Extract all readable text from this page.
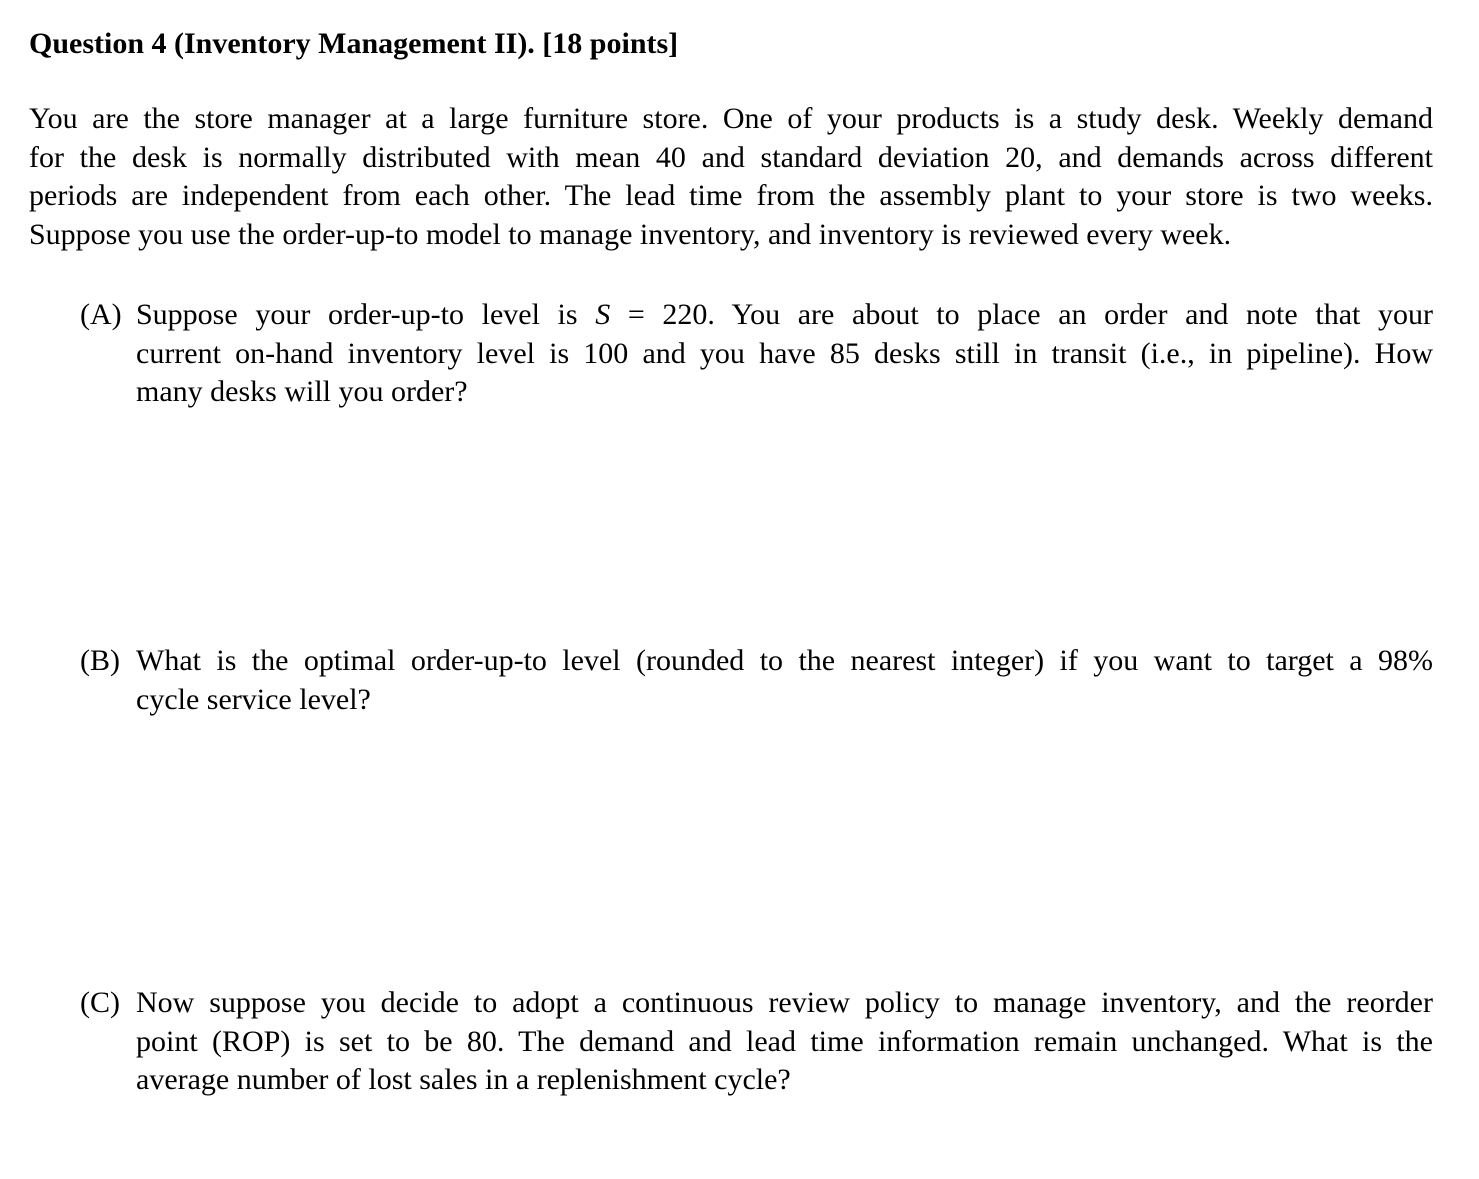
Question 4 (Inventory Management II). [18 points]
You are the store manager at a large furniture store. One of your products is a study desk. Weekly demand
for the desk is normally distributed with mean 40 and standard deviation 20, and demands across different
periods are independent from each other. The lead time from the assembly plant to your store is two weeks.
Suppose you use the order-up-to model to manage inventory, and inventory is reviewed every week.
(A) Suppose your order-up-to level is S = 220. You are about to place an order and note that your
current on-hand inventory level is 100 and you have 85 desks still in transit (i.e., in pipeline). How
many desks will you order?
(B) What is the optimal order-up-to level (rounded to the nearest integer) if you want to target a 98%
cycle service level?
(C) Now suppose you decide to adopt a continuous review policy to manage inventory, and the reorder
point (ROP) is set to be 80. The demand and lead time information remain unchanged. What is the
average number of lost sales in a replenishment cycle?
